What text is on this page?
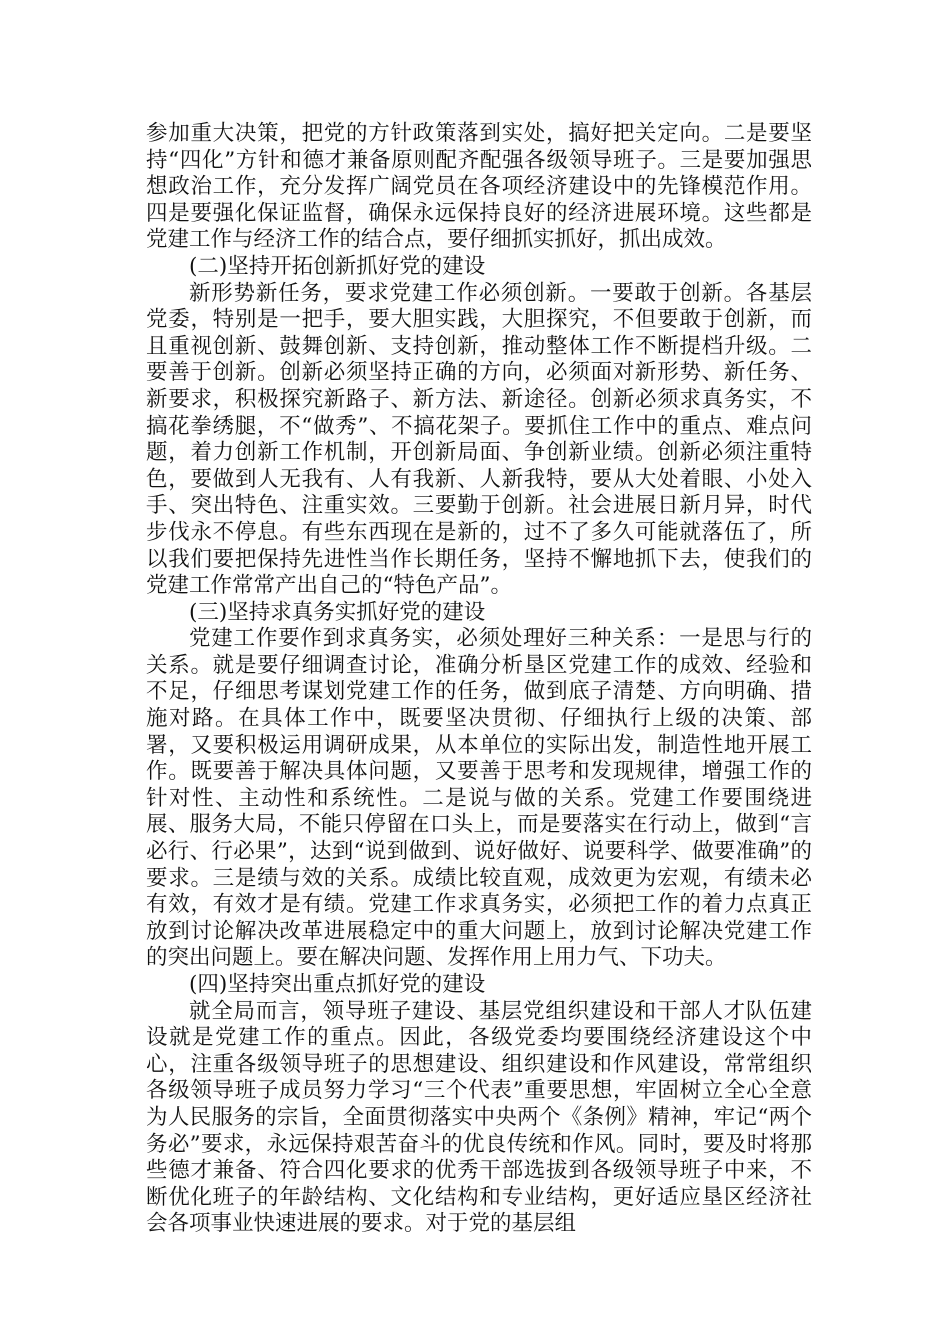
参加重大决策，把党的方针政策落到实处，搞好把关定向。二是要坚持“四化”方针和德才兼备原则配齐配强各级领导班子。三是要加强思想政治工作，充分发挥广阔党员在各项经济建设中的先锋模范作用。四是要强化保证监督，确保永远保持良好的经济进展环境。这些都是党建工作与经济工作的结合点，要仔细抓实抓好，抓出成效。

(二)坚持开拓创新抓好党的建设

新形势新任务，要求党建工作必须创新。一要敢于创新。各基层党委，特别是一把手，要大胆实践，大胆探究，不但要敢于创新，而且重视创新、鼓舞创新、支持创新，推动整体工作不断提档升级。二要善于创新。创新必须坚持正确的方向，必须面对新形势、新任务、新要求，积极探究新路子、新方法、新途径。创新必须求真务实，不搞花拳绣腿，不“做秀”、不搞花架子。要抓住工作中的重点、难点问题，着力创新工作机制，开创新局面、争创新业绩。创新必须注重特色，要做到人无我有、人有我新、人新我特，要从大处着眼、小处入手、突出特色、注重实效。三要勤于创新。社会进展日新月异，时代步伐永不停息。有些东西现在是新的，过不了多久可能就落伍了，所以我们要把保持先进性当作长期任务，坚持不懈地抓下去，使我们的党建工作常常产出自己的“特色产品”。

(三)坚持求真务实抓好党的建设

党建工作要作到求真务实，必须处理好三种关系：一是思与行的关系。就是要仔细调查讨论，准确分析垦区党建工作的成效、经验和不足，仔细思考谋划党建工作的任务，做到底子清楚、方向明确、措施对路。在具体工作中，既要坚决贯彻、仔细执行上级的决策、部署，又要积极运用调研成果，从本单位的实际出发，制造性地开展工作。既要善于解决具体问题，又要善于思考和发现规律，增强工作的针对性、主动性和系统性。二是说与做的关系。党建工作要围绕进展、服务大局，不能只停留在口头上，而是要落实在行动上，做到“言必行、行必果”，达到“说到做到、说好做好、说要科学、做要准确”的要求。三是绩与效的关系。成绩比较直观，成效更为宏观，有绩未必有效，有效才是有绩。党建工作求真务实，必须把工作的着力点真正放到讨论解决改革进展稳定中的重大问题上，放到讨论解决党建工作的突出问题上。要在解决问题、发挥作用上用力气、下功夫。

(四)坚持突出重点抓好党的建设

就全局而言，领导班子建设、基层党组织建设和干部人才队伍建设就是党建工作的重点。因此，各级党委均要围绕经济建设这个中心，注重各级领导班子的思想建设、组织建设和作风建设，常常组织各级领导班子成员努力学习“三个代表”重要思想，牢固树立全心全意为人民服务的宗旨，全面贯彻落实中央两个《条例》精神，牢记“两个务必”要求，永远保持艰苦奋斗的优良传统和作风。同时，要及时将那些德才兼备、符合四化要求的优秀干部选拔到各级领导班子中来，不断优化班子的年龄结构、文化结构和专业结构，更好适应垦区经济社会各项事业快速进展的要求。对于党的基层组
